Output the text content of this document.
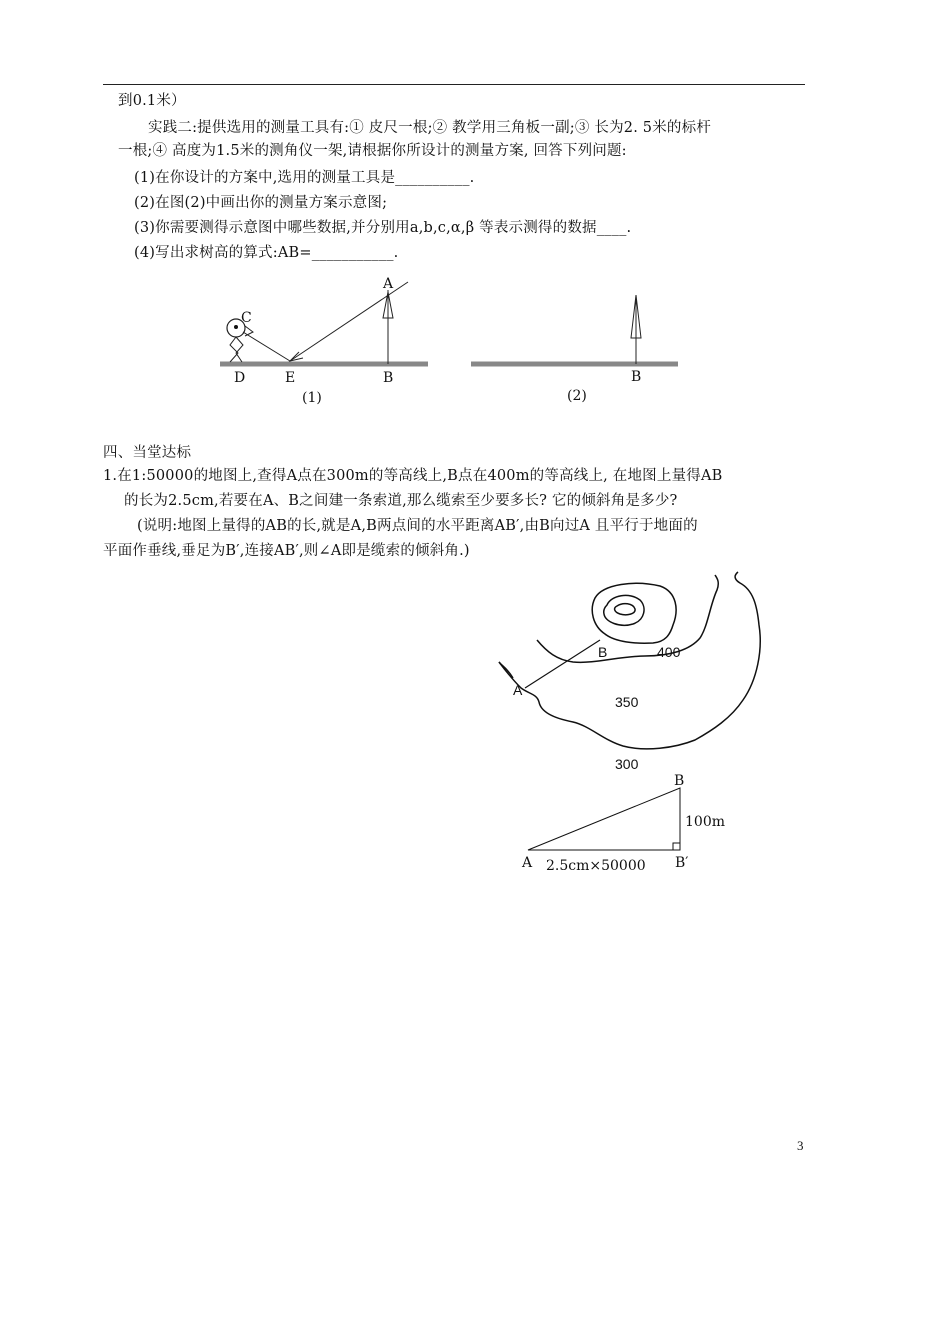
到0.1米）
实践二:提供选用的测量工具有:① 皮尺一根;② 教学用三角板一副;③ 长为2. 5米的标杆
一根;④ 高度为1.5米的测角仪一架,请根据你所设计的测量方案, 回答下列问题:
(1)在你设计的方案中,选用的测量工具是__________.
(2)在图(2)中画出你的测量方案示意图;
(3)你需要测得示意图中哪些数据,并分别用a,b,c,α,β 等表示测得的数据____.
(4)写出求树高的算式:AB=___________.
A
C
D	E	B
(1)
B
(2)
四、当堂达标
1.在1:50000的地图上,查得A点在300m的等高线上,B点在400m的等高线上, 在地图上量得AB
的长为2.5cm,若要在A、B之间建一条索道,那么缆索至少要多长? 它的倾斜角是多少?
(说明:地图上量得的AB的长,就是A,B两点间的水平距离AB′,由B向过A 且平行于地面的
平面作垂线,垂足为B′,连接AB′,则∠A即是缆索的倾斜角.)
B
A
400
350
300
B
100m
A 2.5cm×50000 B′
3
